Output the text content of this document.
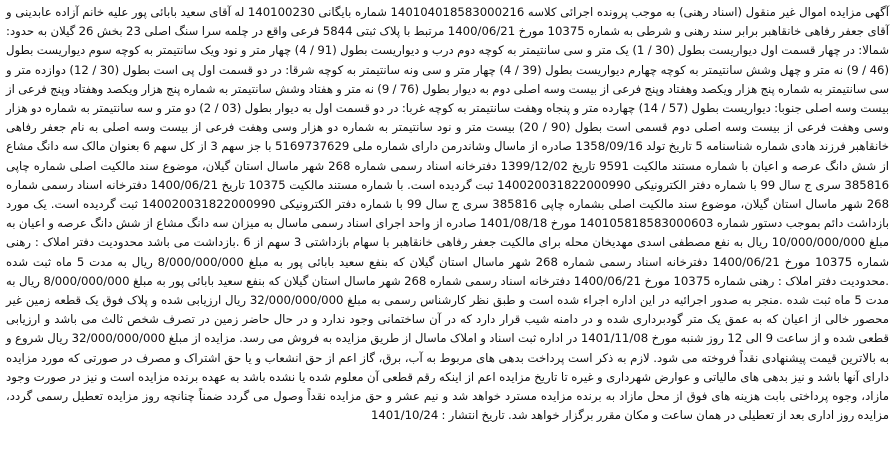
آگهی مزایده اموال غیر منقول (اسناد رهنی) به موجب پرونده اجرائی کلاسه 140104018583000216 شماره بایگانی 140100230 له آقای سعید بابائی پور علیه خانم آزاده عابدینی و آقای جعفر رفاهی خانقاهبر برابر سند رهنی و شرطی به شماره 10375 مورخ 1400/06/21 مرتبط با پلاک ثبتی 5844 فرعی واقع در چلمه سرا سنگ اصلی 23 بخش 26 گیلان به حدود: شمالا: در چهار قسمت اول دیواریست بطول (30 / 1) یک متر و سی سانتیمتر به کوچه دوم درب و دیواریست بطول (91 / 4) چهار متر و نود ویک سانتیمتر به کوچه سوم دیواریست بطول (46 / 9) نه متر و چهل وشش سانتیمتر به کوچه چهارم دیواریست بطول (39 / 4) چهار متر و سی ونه سانتیمتر به کوچه شرقا: در دو قسمت اول پی است بطول (30 / 12) دوازده متر و سی سانتیمتر به شماره پنج هزار ویکصد وهفتاد وپنج فرعی از بیست وسه اصلی دوم به دیوار بطول (76 / 9) نه متر و هفتاد وشش سانتیمتر به شماره پنج هزار ویکصد وهفتاد وپنج فرعی از بیست وسه اصلی جنوبا: دیواریست بطول (57 / 14) چهارده متر و پنجاه وهفت سانتیمتر به کوچه غربا: در دو قسمت اول به دیوار بطول (03 / 2) دو متر و سه سانتیمتر به شماره دو هزار وسی وهفت فرعی از بیست وسه اصلی دوم قسمی است بطول (90 / 20) بیست متر و نود سانتیمتر به شماره دو هزار وسی وهفت فرعی از بیست وسه اصلی به نام جعفر رفاهی خانقاهبر فرزند هادی شماره شناسنامه 5 تاریخ تولد 1358/09/16 صادره از ماسال وشاندرمن دارای شماره ملی 5169737629 با جز سهم 3 از کل سهم 6 بعنوان مالک سه دانگ مشاع از شش دانگ عرصه و اعیان با شماره مستند مالکیت 9591 تاریخ 1399/12/02 دفترخانه اسناد رسمی شماره 268 شهر ماسال استان گیلان، موضوع سند مالکیت اصلی شماره چاپی 385816 سری ج سال 99 با شماره دفتر الکترونیکی 140020031822000990 ثبت گردیده است. با شماره مستند مالکیت 10375 تاریخ 1400/06/21 دفترخانه اسناد رسمی شماره 268 شهر ماسال استان گیلان، موضوع سند مالکیت اصلی بشماره چاپی 385816 سری ج سال 99 با شماره دفتر الکترونیکی 140020031822000990 ثبت گردیده است. یک مورد بازداشت دائم بموجب دستور شماره 140105818583000603 مورخ 1401/08/18 صادره از واحد اجرای اسناد رسمی ماسال به میزان سه دانگ مشاع از شش دانگ عرصه و اعیان به مبلغ 10/000/000/000 ریال به نفع مصطفی اسدی مهدیخان محله برای مالکیت جعفر رفاهی خانقاهبر با سهام بازداشتی 3 سهم از 6 .بازداشت می باشد محدودیت دفتر املاک : رهنی شماره 10375 مورخ 1400/06/21 دفترخانه اسناد رسمی شماره 268 شهر ماسال استان گیلان که بنفع سعید بابائی پور به مبلغ 8/000/000/000 ریال به مدت 5 ماه ثبت شده .محدودیت دفتر املاک : رهنی شماره 10375 مورخ 1400/06/21 دفترخانه اسناد رسمی شماره 268 شهر ماسال استان گیلان که بنفع سعید بابائی پور به مبلغ 8/000/000/000 ریال به مدت 5 ماه ثبت شده .منجر به صدور اجرائیه در این اداره اجراء شده است و طبق نظر کارشناس رسمی به مبلغ 32/000/000/000 ریال ارزیابی شده و پلاک فوق یک قطعه زمین غیر محصور خالی از اعیان که به عمق یک متر گودبرداری شده و در دامنه شیب قرار دارد که در آن ساختمانی وجود ندارد و در حال حاضر زمین در تصرف شخص ثالث می باشد و ارزیابی قطعی شده و از ساعت 9 الی 12 روز شنبه مورخ 1401/11/08 در اداره ثبت اسناد و املاک ماسال از طریق مزایده به فروش می رسد. مزایده از مبلغ 32/000/000/000 ریال شروع و به بالاترین قیمت پیشنهادی نقداً فروخته می شود. لازم به ذکر است پرداخت بدهی های مربوط به آب، برق، گاز اعم از حق انشعاب و یا حق اشتراک و مصرف در صورتی که مورد مزایده دارای آنها باشد و نیز بدهی های مالیاتی و عوارض شهرداری و غیره تا تاریخ مزایده اعم از اینکه رقم قطعی آن معلوم شده یا نشده باشد به عهده برنده مزایده است و نیز در صورت وجود مازاد، وجوه پرداختی بابت هزینه های فوق از محل مازاد به برنده مزایده مسترد خواهد شد و نیم عشر و حق مزایده نقداً وصول می گردد ضمناً چنانچه روز مزایده تعطیل رسمی گردد، مزایده روز اداری بعد از تعطیلی در همان ساعت و مکان مقرر برگزار خواهد شد. تاریخ انتشار : 1401/10/24
